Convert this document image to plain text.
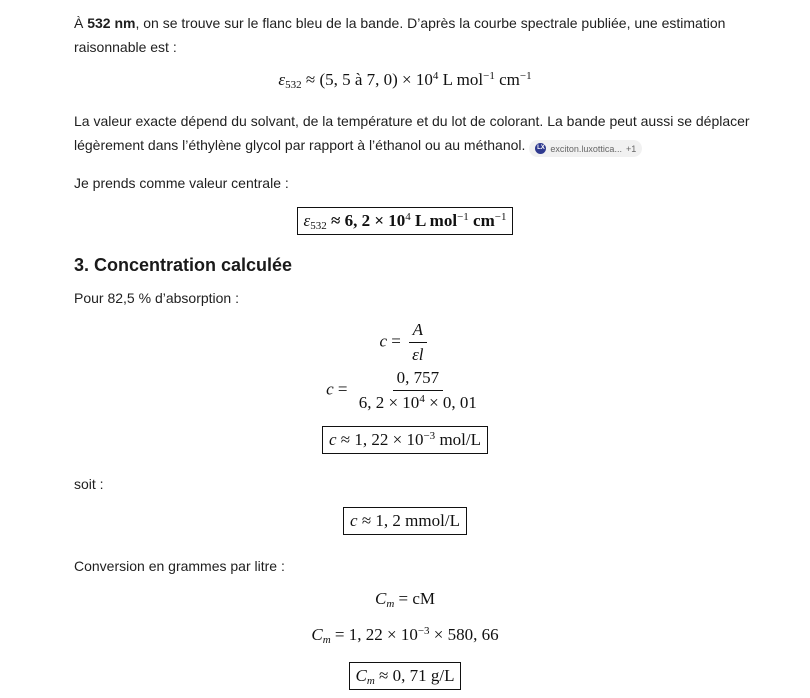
À 532 nm, on se trouve sur le flanc bleu de la bande. D’après la courbe spectrale publiée, une estimation raisonnable est :

$\varepsilon_{532} \approx (5$, 5 à 7, $0) \times 10^4$ L mol$^{-1}$ $cm^{-1}$

La valeur exacte dépend du solvant, de la température et du lot de colorant. La bande peut aussi se déplacer légèrement dans l’éthylène glycol par rapport à l’éthanol ou au méthanol. LX exciton.luxottica... +1

Je prends comme valeur centrale :

$\varepsilon_{532} \approx 6$, $2 \times 10^4$ L mol$^{-1}$ $cm^{-1}$
3. Concentration calculée

Pour 82,5 % d’absorption :

$c = \frac{A}{\varepsilon l}$
$c = \frac{0, 757}{6, 2 \times 10^4 \times 0, 01}$
c ≈ 1, $22 \times 10^{-3}$ mol/L

soit :

c ≈ 1, 2 mmol/L

Conversion en grammes par litre :

$C_m$ = cM
$C_m = 1$, $22 \times 10^{-3} \times 580$, 66
$C_m \approx 0$, 71 g/L
